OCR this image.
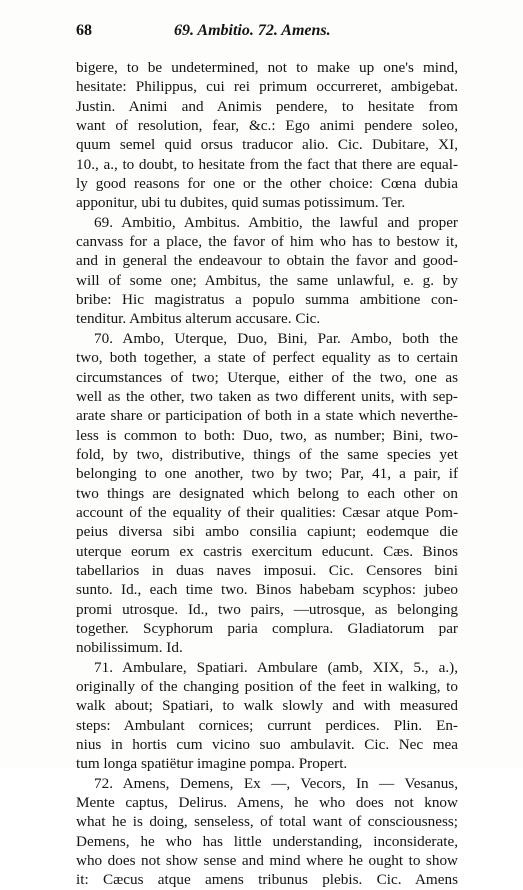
68	69. Ambitio. 72. Amens.
bigere, to be undetermined, not to make up one's mind,
hesitate: Philippus, cui rei primum occurreret, ambigebat.
Justin. Animi and Animis pendere, to hesitate from
want of resolution, fear, &c.: Ego animi pendere soleo,
quum semel quid orsus traducor alio. Cic. Dubitare, XI,
10., a., to doubt, to hesitate from the fact that there are equal-
ly good reasons for one or the other choice: Cœna dubia
apponitur, ubi tu dubites, quid sumas potissimum. Ter.
69. Ambitio, Ambitus. Ambitio, the lawful and proper
canvass for a place, the favor of him who has to bestow it,
and in general the endeavour to obtain the favor and good-
will of some one; Ambitus, the same unlawful, e. g. by
bribe: Hic magistratus a populo summa ambitione con-
tenditur. Ambitus alterum accusare. Cic.
70. Ambo, Uterque, Duo, Bini, Par. Ambo, both the
two, both together, a state of perfect equality as to certain
circumstances of two; Uterque, either of the two, one as
well as the other, two taken as two different units, with sep-
arate share or participation of both in a state which neverthe-
less is common to both: Duo, two, as number; Bini, two-
fold, by two, distributive, things of the same species yet
belonging to one another, two by two; Par, 41, a pair, if
two things are designated which belong to each other on
account of the equality of their qualities: Cæsar atque Pom-
peius diversa sibi ambo consilia capiunt; eodemque die
uterque eorum ex castris exercitum educunt. Cæs. Binos
tabellarios in duas naves imposui. Cic. Censores bini
sunto. Id., each time two. Binos habebam scyphos: jubeo
promi utrosque. Id., two pairs, —utrosque, as belonging
together. Scyphorum paria complura. Gladiatorum par
nobilissimum. Id.
71. Ambulare, Spatiari. Ambulare (amb, XIX, 5., a.),
originally of the changing position of the feet in walking, to
walk about; Spatiari, to walk slowly and with measured
steps: Ambulant cornices; currunt perdices. Plin. En-
nius in hortis cum vicino suo ambulavit. Cic. Nec mea
tum longa spatiëtur imagine pompa. Propert.
72. Amens, Demens, Ex —, Vecors, In — Vesanus,
Mente captus, Delirus. Amens, he who does not know
what he is doing, senseless, of total want of consciousness;
Demens, he who has little understanding, inconsiderate,
who does not show sense and mind where he ought to show
it: Cæcus atque amens tribunus plebis. Cic. Amens
